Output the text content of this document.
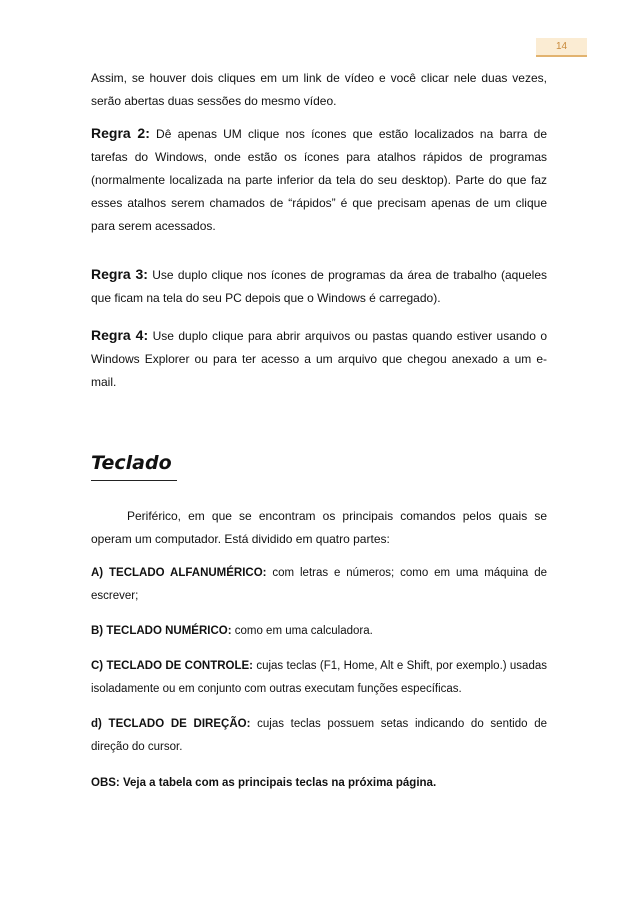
14

Assim, se houver dois cliques em um link de vídeo e você clicar nele duas vezes, serão abertas duas sessões do mesmo vídeo.

Regra 2: Dê apenas UM clique nos ícones que estão localizados na barra de tarefas do Windows, onde estão os ícones para atalhos rápidos de programas (normalmente localizada na parte inferior da tela do seu desktop). Parte do que faz esses atalhos serem chamados de “rápidos” é que precisam apenas de um clique para serem acessados.

Regra 3: Use duplo clique nos ícones de programas da área de trabalho (aqueles que ficam na tela do seu PC depois que o Windows é carregado).

Regra 4: Use duplo clique para abrir arquivos ou pastas quando estiver usando o Windows Explorer ou para ter acesso a um arquivo que chegou anexado a um e-mail.

Teclado

Periférico, em que se encontram os principais comandos pelos quais se operam um computador. Está dividido em quatro partes:

A) TECLADO ALFANUMÉRICO: com letras e números; como em uma máquina de escrever;

B) TECLADO NUMÉRICO: como em uma calculadora.

C) TECLADO DE CONTROLE: cujas teclas (F1, Home, Alt e Shift, por exemplo.) usadas isoladamente ou em conjunto com outras executam funções específicas.

d) TECLADO DE DIREÇÃO: cujas teclas possuem setas indicando do sentido de direção do cursor.

OBS: Veja a tabela com as principais teclas na próxima página.
